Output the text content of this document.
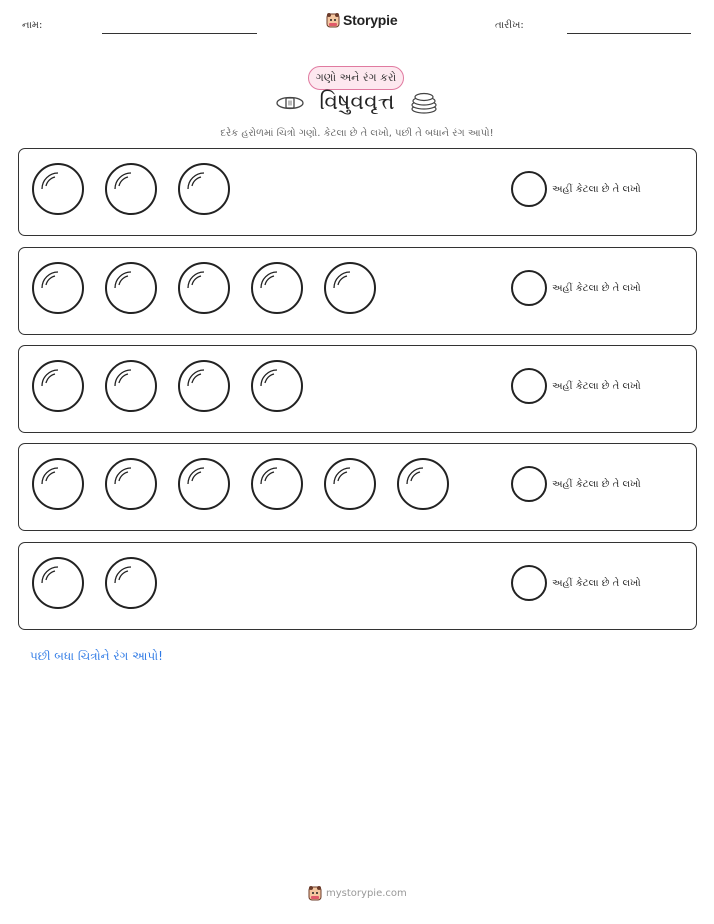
નામ:	Storypie	તારીખ:
ગણો અને રંગ કરો
વિષુવવૃત્ત
દરેક હરોળમાં ચિત્રો ગણો. કેટલા છે તે લખો, પછી તે બધાને રંગ આપો!
અહીં કેટલા છે તે લખો
અહીં કેટલા છે તે લખો
અહીં કેટલા છે તે લખો
અહીં કેટલા છે તે લખો
અહીં કેટલા છે તે લખો
પછી બધા ચિત્રોને રંગ આપો!
mystorypie.com
